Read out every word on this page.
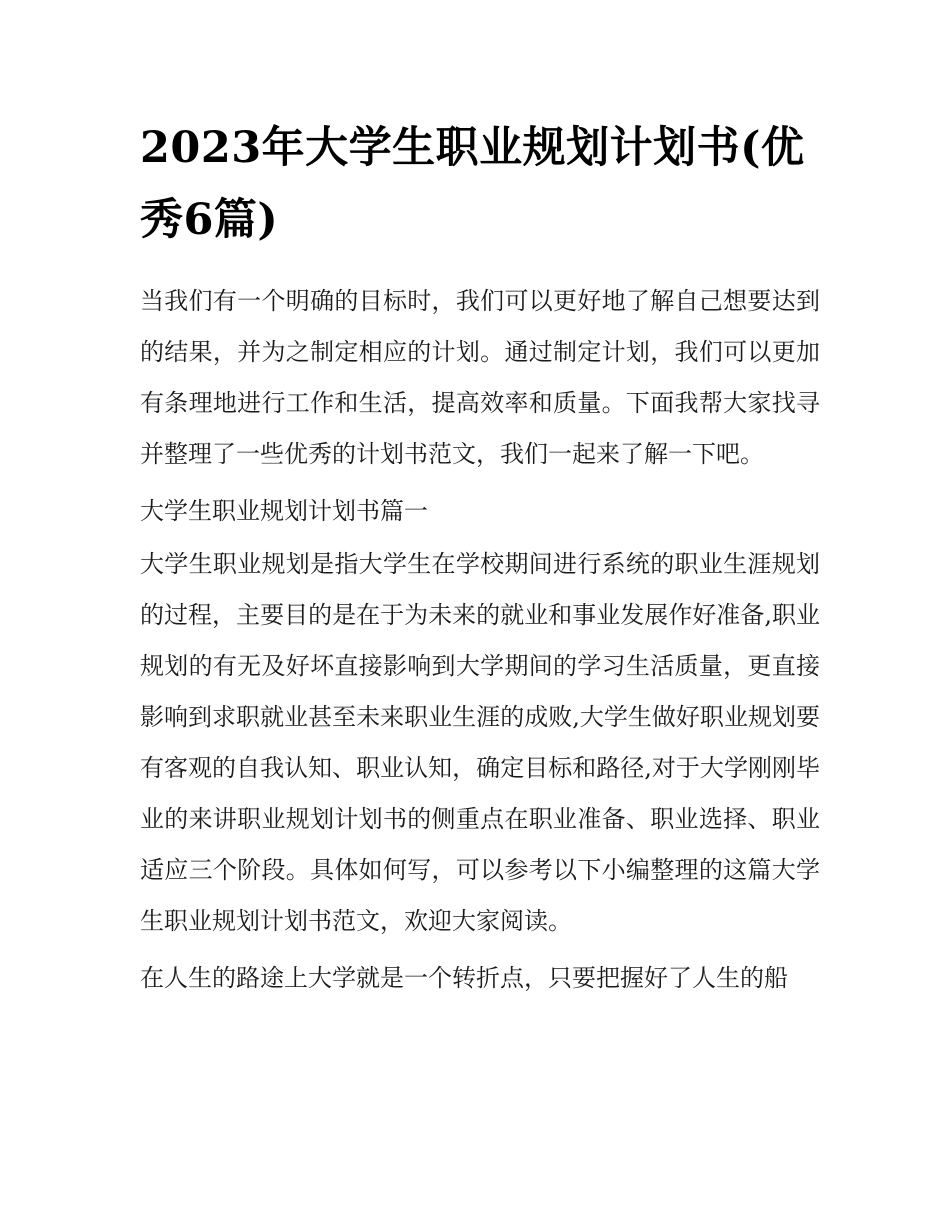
2023年大学生职业规划计划书(优秀6篇)

当我们有一个明确的目标时，我们可以更好地了解自己想要达到的结果，并为之制定相应的计划。通过制定计划，我们可以更加有条理地进行工作和生活，提高效率和质量。下面我帮大家找寻并整理了一些优秀的计划书范文，我们一起来了解一下吧。

大学生职业规划计划书篇一

大学生职业规划是指大学生在学校期间进行系统的职业生涯规划的过程，主要目的是在于为未来的就业和事业发展作好准备,职业规划的有无及好坏直接影响到大学期间的学习生活质量，更直接影响到求职就业甚至未来职业生涯的成败,大学生做好职业规划要有客观的自我认知、职业认知，确定目标和路径,对于大学刚刚毕业的来讲职业规划计划书的侧重点在职业准备、职业选择、职业适应三个阶段。具体如何写，可以参考以下小编整理的这篇大学生职业规划计划书范文，欢迎大家阅读。

在人生的路途上大学就是一个转折点，只要把握好了人生的船
